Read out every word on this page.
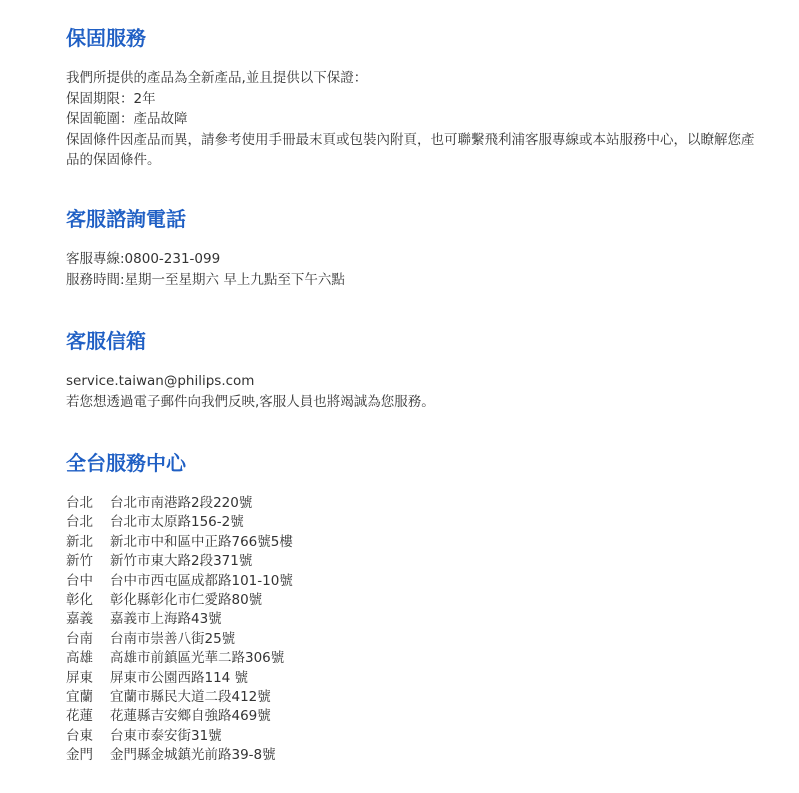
保固服務
我們所提供的產品為全新產品,並且提供以下保證：
保固期限：2年
保固範圍：產品故障
保固條件因產品而異，請參考使用手冊最末頁或包裝內附頁，也可聯繫飛利浦客服專線或本站服務中心，以瞭解您產品的保固條件。
客服諮詢電話
客服專線:0800-231-099
服務時間:星期一至星期六 早上九點至下午六點
客服信箱
service.taiwan@philips.com
若您想透過電子郵件向我們反映,客服人員也將竭誠為您服務。
全台服務中心
台北	台北市南港路2段220號
台北	台北市太原路156-2號
新北	新北市中和區中正路766號5樓
新竹	新竹市東大路2段371號
台中	台中市西屯區成都路101-10號
彰化	彰化縣彰化市仁愛路80號
嘉義	嘉義市上海路43號
台南	台南市崇善八街25號
高雄	高雄市前鎮區光華二路306號
屏東	屏東市公園西路114 號
宜蘭	宜蘭市縣民大道二段412號
花蓮	花蓮縣吉安鄉自強路469號
台東	台東市泰安街31號
金門	金門縣金城鎮光前路39-8號
